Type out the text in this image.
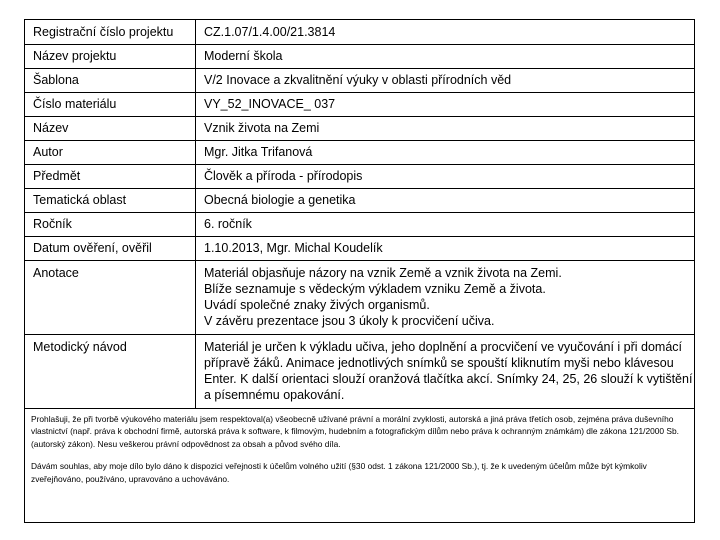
Registrační číslo projektu	CZ.1.07/1.4.00/21.3814
Název projektu	Moderní škola
Šablona	V/2 Inovace a zkvalitnění výuky v oblasti přírodních věd
Číslo materiálu	VY_52_INOVACE_ 037
Název	Vznik života na Zemi
Autor	Mgr. Jitka Trifanová
Předmět	Člověk a příroda - přírodopis
Tematická oblast	Obecná biologie a genetika
Ročník	6. ročník
Datum ověření, ověřil	1.10.2013, Mgr. Michal Koudelík
Anotace	Materiál objasňuje názory na vznik Země a vznik života na Zemi.
Blíže seznamuje s vědeckým výkladem vzniku Země a života.
Uvádí společné znaky živých organismů.
V závěru prezentace jsou 3 úkoly k procvičení učiva.

Metodický návod	Materiál je určen k výkladu učiva, jeho doplnění a procvičení ve vyučování i při domácí
přípravě žáků. Animace jednotlivých snímků se spouští kliknutím myši nebo klávesou
Enter. K další orientaci slouží oranžová tlačítka akcí. Snímky 24, 25, 26 slouží k vytištění
a písemnému opakování.

Prohlašuji, že při tvorbě výukového materiálu jsem respektoval(a) všeobecně užívané právní a morální zvyklosti, autorská a jiná práva třetích osob, zejména práva duševního vlastnictví (např. práva k obchodní firmě, autorská práva k software, k filmovým, hudebním a fotografickým dílům nebo práva k ochranným známkám) dle zákona 121/2000 Sb. (autorský zákon). Nesu veškerou právní odpovědnost za obsah a původ svého díla.

Dávám souhlas, aby moje dílo bylo dáno k dispozici veřejnosti k účelům volného užití (§30 odst. 1 zákona 121/2000 Sb.), tj. že k uvedeným účelům může být kýmkoliv zveřejňováno, používáno, upravováno a uchováváno.
